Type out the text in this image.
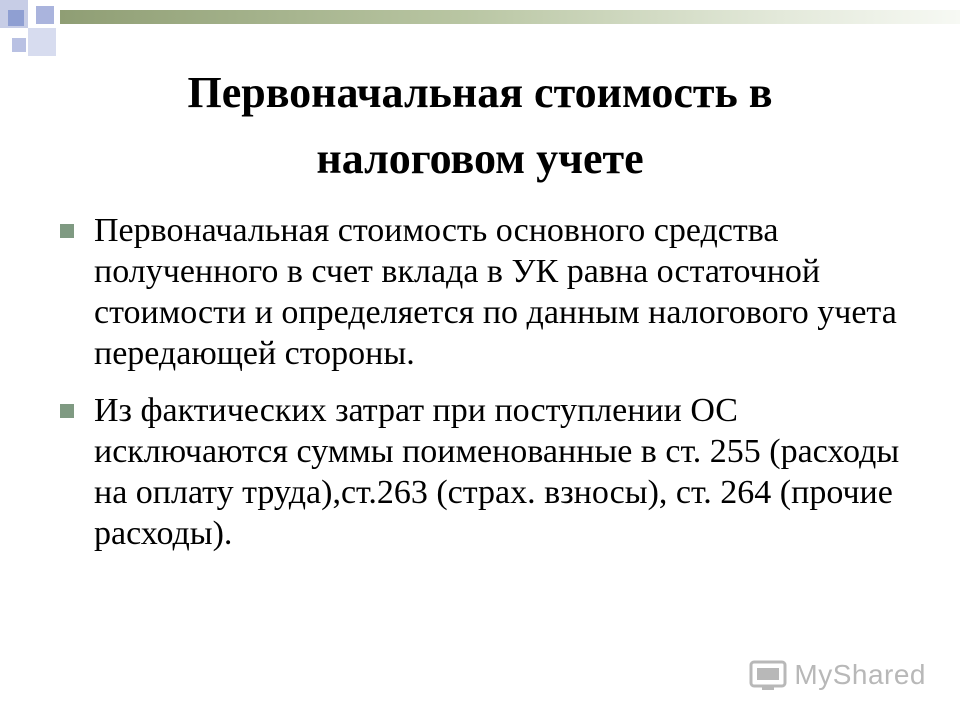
Первоначальная стоимость в
налоговом учете
Первоначальная стоимость основного средства полученного в счет вклада в УК равна остаточной стоимости и определяется по данным налогового учета передающей стороны.
Из фактических затрат при поступлении ОС исключаются суммы поименованные в ст. 255 (расходы на оплату труда),ст.263 (страх. взносы), ст. 264 (прочие расходы).
MyShared
